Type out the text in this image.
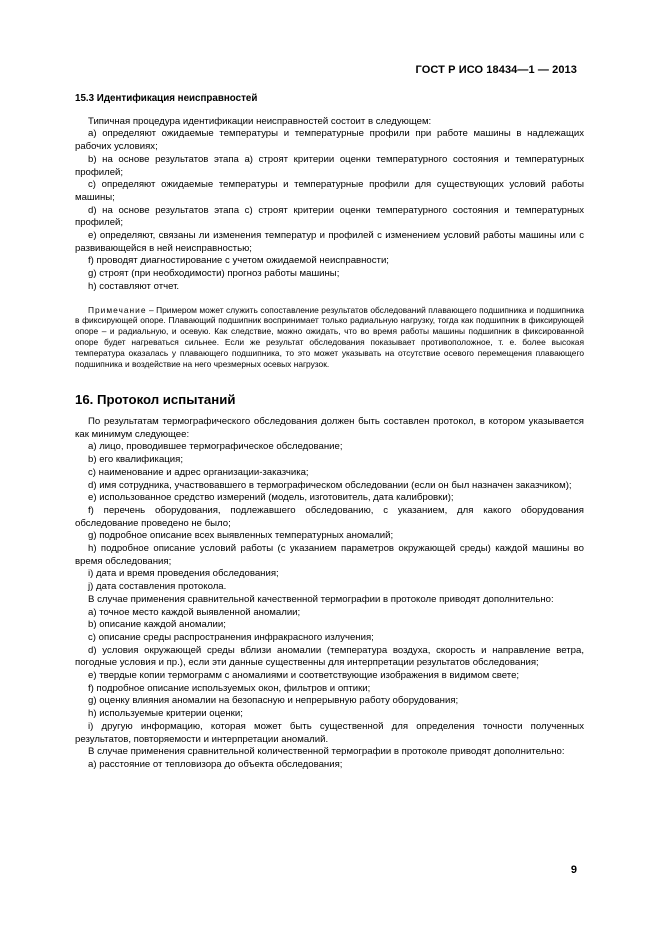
ГОСТ Р ИСО 18434—1 — 2013
15.3 Идентификация неисправностей

Типичная процедура идентификации неисправностей состоит в следующем:

a) определяют ожидаемые температуры и температурные профили при работе машины в надлежащих рабочих условиях;

b) на основе результатов этапа a) строят критерии оценки температурного состояния и температурных профилей;

c) определяют ожидаемые температуры и температурные профили для существующих условий работы машины;

d) на основе результатов этапа c) строят критерии оценки температурного состояния и температурных профилей;

e) определяют, связаны ли изменения температур и профилей с изменением условий работы машины или с развивающейся в ней неисправностью;

f) проводят диагностирование с учетом ожидаемой неисправности;

g) строят (при необходимости) прогноз работы машины;

h) составляют отчет.

Примечание – Примером может служить сопоставление результатов обследований плавающего подшипника и подшипника в фиксирующей опоре. Плавающий подшипник воспринимает только радиальную нагрузку, тогда как подшипник в фиксирующей опоре – и радиальную, и осевую. Как следствие, можно ожидать, что во время работы машины подшипник в фиксированной опоре будет нагреваться сильнее. Если же результат обследования показывает противоположное, т. е. более высокая температура оказалась у плавающего подшипника, то это может указывать на отсутствие осевого перемещения плавающего подшипника и воздействие на него чрезмерных осевых нагрузок.
16. Протокол испытаний

По результатам термографического обследования должен быть составлен протокол, в котором указывается как минимум следующее:

a) лицо, проводившее термографическое обследование;

b) его квалификация;

c) наименование и адрес организации-заказчика;

d) имя сотрудника, участвовавшего в термографическом обследовании (если он был назначен заказчиком);

e) использованное средство измерений (модель, изготовитель, дата калибровки);

f) перечень оборудования, подлежавшего обследованию, с указанием, для какого оборудования обследование проведено не было;

g) подробное описание всех выявленных температурных аномалий;

h) подробное описание условий работы (с указанием параметров окружающей среды) каждой машины во время обследования;

i) дата и время проведения обследования;

j) дата составления протокола.

В случае применения сравнительной качественной термографии в протоколе приводят дополнительно:

a) точное место каждой выявленной аномалии;

b) описание каждой аномалии;

c) описание среды распространения инфракрасного излучения;

d) условия окружающей среды вблизи аномалии (температура воздуха, скорость и направление ветра, погодные условия и пр.), если эти данные существенны для интерпретации результатов обследования;

e) твердые копии термограмм с аномалиями и соответствующие изображения в видимом свете;

f) подробное описание используемых окон, фильтров и оптики;

g) оценку влияния аномалии на безопасную и непрерывную работу оборудования;

h) используемые критерии оценки;

i) другую информацию, которая может быть существенной для определения точности полученных результатов, повторяемости и интерпретации аномалий.

В случае применения сравнительной количественной термографии в протоколе приводят дополнительно:

a) расстояние от тепловизора до объекта обследования;

9
